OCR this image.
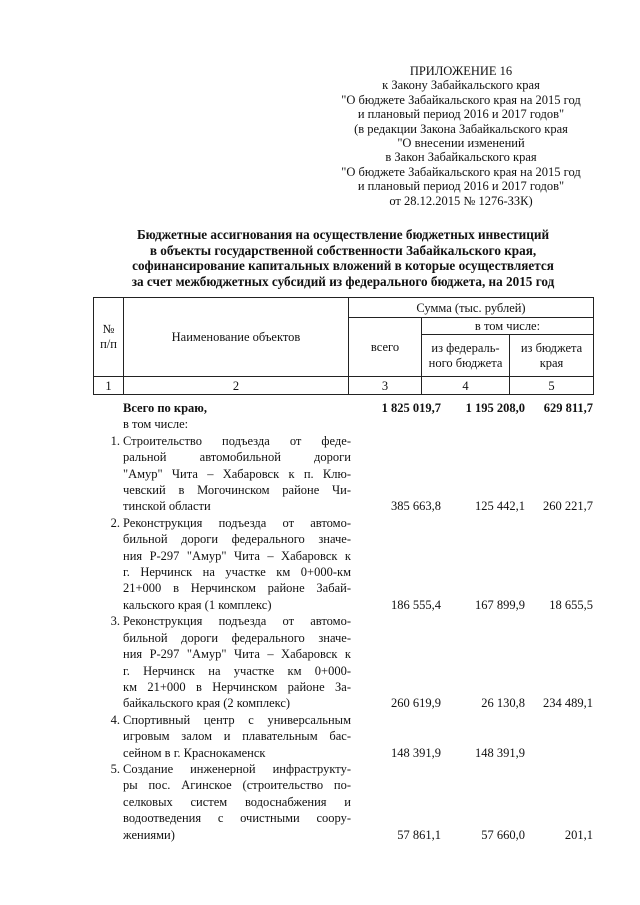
ПРИЛОЖЕНИЕ 16
к Закону Забайкальского края
"О бюджете Забайкальского края на 2015 год
и плановый период 2016 и 2017 годов"
(в редакции Закона Забайкальского края
"О внесении изменений
в Закон Забайкальского края
"О бюджете Забайкальского края на 2015 год
и плановый период 2016 и 2017 годов"
от 28.12.2015 № 1276-ЗЗК)
Бюджетные ассигнования на осуществление бюджетных инвестиций
в объекты государственной собственности Забайкальского края,
софинансирование капитальных вложений в которые осуществляется
за счет межбюджетных субсидий из федерального бюджета, на 2015 год
№ п/п	Наименование объектов	Сумма (тыс. рублей)		
		всего	в том числе:	

			из федераль-ного бюджета	из бюджета края

1	2	3	4	5
Всего по краю,	1 825 019,7	1 195 208,0	629 811,7
в том числе:
1. Строительство подъезда от феде-
ральной автомобильной дороги
"Амур" Чита – Хабаровск к п. Клю-
чевский в Могочинском районе Чи-
тинской области	385 663,8	125 442,1	260 221,7
2. Реконструкция подъезда от автомо-
бильной дороги федерального значе-
ния Р-297 "Амур" Чита – Хабаровск к
г. Нерчинск на участке км 0+000-км
21+000 в Нерчинском районе Забай-
кальского края (1 комплекс)	186 555,4	167 899,9	18 655,5
3. Реконструкция подъезда от автомо-
бильной дороги федерального значе-
ния Р-297 "Амур" Чита – Хабаровск к
г. Нерчинск на участке км 0+000-
км 21+000 в Нерчинском районе За-
байкальского края (2 комплекс)	260 619,9	26 130,8	234 489,1
4. Спортивный центр с универсальным
игровым залом и плавательным бас-
сейном в г. Краснокаменск	148 391,9	148 391,9
5. Создание инженерной инфраструкту-
ры пос. Агинское (строительство по-
селковых систем водоснабжения и
водоотведения с очистными соору-
жениями)	57 861,1	57 660,0	201,1
